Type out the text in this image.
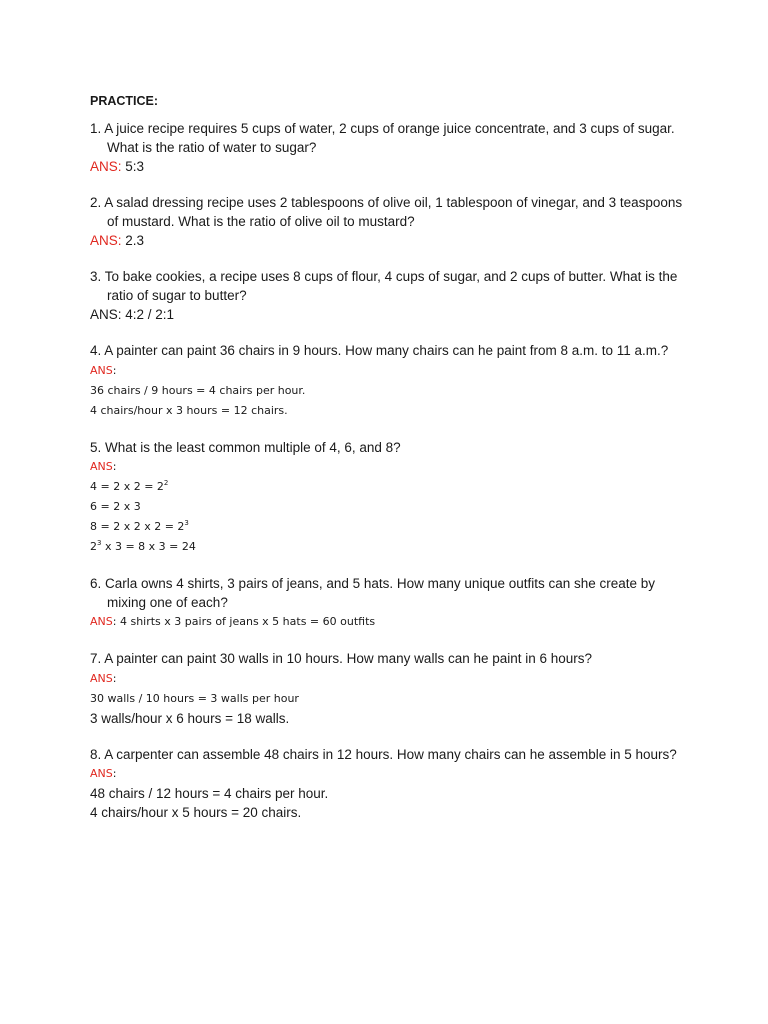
PRACTICE:
1. A juice recipe requires 5 cups of water, 2 cups of orange juice concentrate, and 3 cups of sugar. What is the ratio of water to sugar?
ANS: 5:3
2. A salad dressing recipe uses 2 tablespoons of olive oil, 1 tablespoon of vinegar, and 3 teaspoons of mustard. What is the ratio of olive oil to mustard?
ANS: 2.3
3. To bake cookies, a recipe uses 8 cups of flour, 4 cups of sugar, and 2 cups of butter. What is the ratio of sugar to butter?
ANS: 4:2 / 2:1
4. A painter can paint 36 chairs in 9 hours. How many chairs can he paint from 8 a.m. to 11 a.m.?
ANS:
36 chairs / 9 hours = 4 chairs per hour.
4 chairs/hour x 3 hours = 12 chairs.
5. What is the least common multiple of 4, 6, and 8?
ANS:
4 = 2 x $2 = 2^2$
6 = 2 x 3
8 = 2 x 2 x $2 = 2^3$
$2^3$ x 3 = 8 x 3 = 24
6. Carla owns 4 shirts, 3 pairs of jeans, and 5 hats. How many unique outfits can she create by mixing one of each?
ANS: 4 shirts x 3 pairs of jeans x 5 hats = 60 outfits
7. A painter can paint 30 walls in 10 hours. How many walls can he paint in 6 hours?
ANS:
30 walls / 10 hours = 3 walls per hour
3 walls/hour x 6 hours = 18 walls.
8. A carpenter can assemble 48 chairs in 12 hours. How many chairs can he assemble in 5 hours?
ANS:
48 chairs / 12 hours = 4 chairs per hour.
4 chairs/hour x 5 hours = 20 chairs.
